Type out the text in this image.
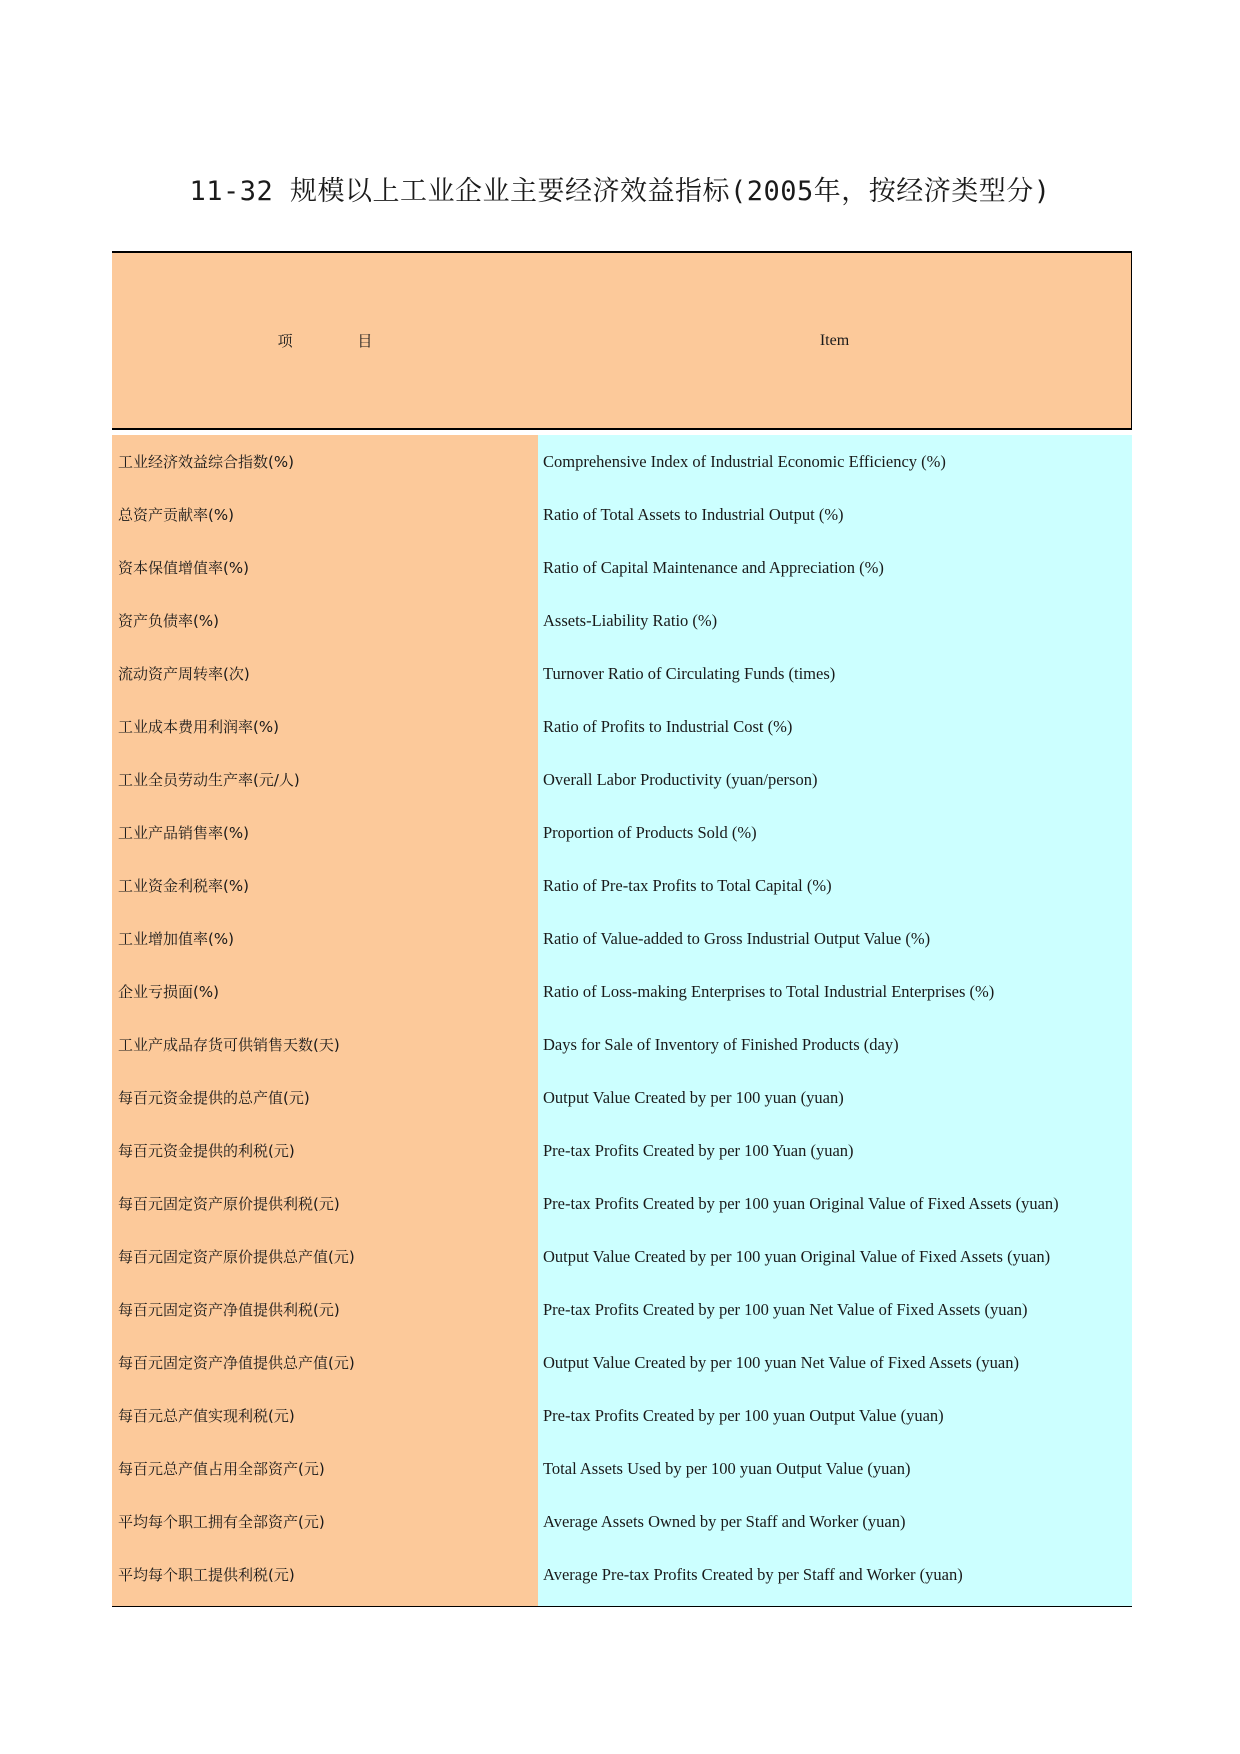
11-32 规模以上工业企业主要经济效益指标(2005年，按经济类型分)
项 目	Item
工业经济效益综合指数(%)	Comprehensive Index of Industrial Economic Efficiency (%)
总资产贡献率(%)	Ratio of Total Assets to Industrial Output (%)
资本保值增值率(%)	Ratio of Capital Maintenance and Appreciation (%)
资产负债率(%)	Assets-Liability Ratio (%)
流动资产周转率(次)	Turnover Ratio of Circulating Funds (times)
工业成本费用利润率(%)	Ratio of Profits to Industrial Cost (%)
工业全员劳动生产率(元/人)	Overall Labor Productivity (yuan/person)
工业产品销售率(%)	Proportion of Products Sold (%)
工业资金利税率(%)	Ratio of Pre-tax Profits to Total Capital (%)
工业增加值率(%)	Ratio of Value-added to Gross Industrial Output Value (%)
企业亏损面(%)	Ratio of Loss-making Enterprises to Total Industrial Enterprises (%)
工业产成品存货可供销售天数(天)	Days for Sale of Inventory of Finished Products (day)
每百元资金提供的总产值(元)	Output Value Created by per 100 yuan (yuan)
每百元资金提供的利税(元)	Pre-tax Profits Created by per 100 Yuan (yuan)
每百元固定资产原价提供利税(元)	Pre-tax Profits Created by per 100 yuan Original Value of Fixed Assets (yuan)
每百元固定资产原价提供总产值(元)	Output Value Created by per 100 yuan Original Value of Fixed Assets (yuan)
每百元固定资产净值提供利税(元)	Pre-tax Profits Created by per 100 yuan Net Value of Fixed Assets (yuan)
每百元固定资产净值提供总产值(元)	Output Value Created by per 100 yuan Net Value of Fixed Assets (yuan)
每百元总产值实现利税(元)	Pre-tax Profits Created by per 100 yuan Output Value (yuan)
每百元总产值占用全部资产(元)	Total Assets Used by per 100 yuan Output Value (yuan)
平均每个职工拥有全部资产(元)	Average Assets Owned by per Staff and Worker (yuan)
平均每个职工提供利税(元)	Average Pre-tax Profits Created by per Staff and Worker (yuan)
